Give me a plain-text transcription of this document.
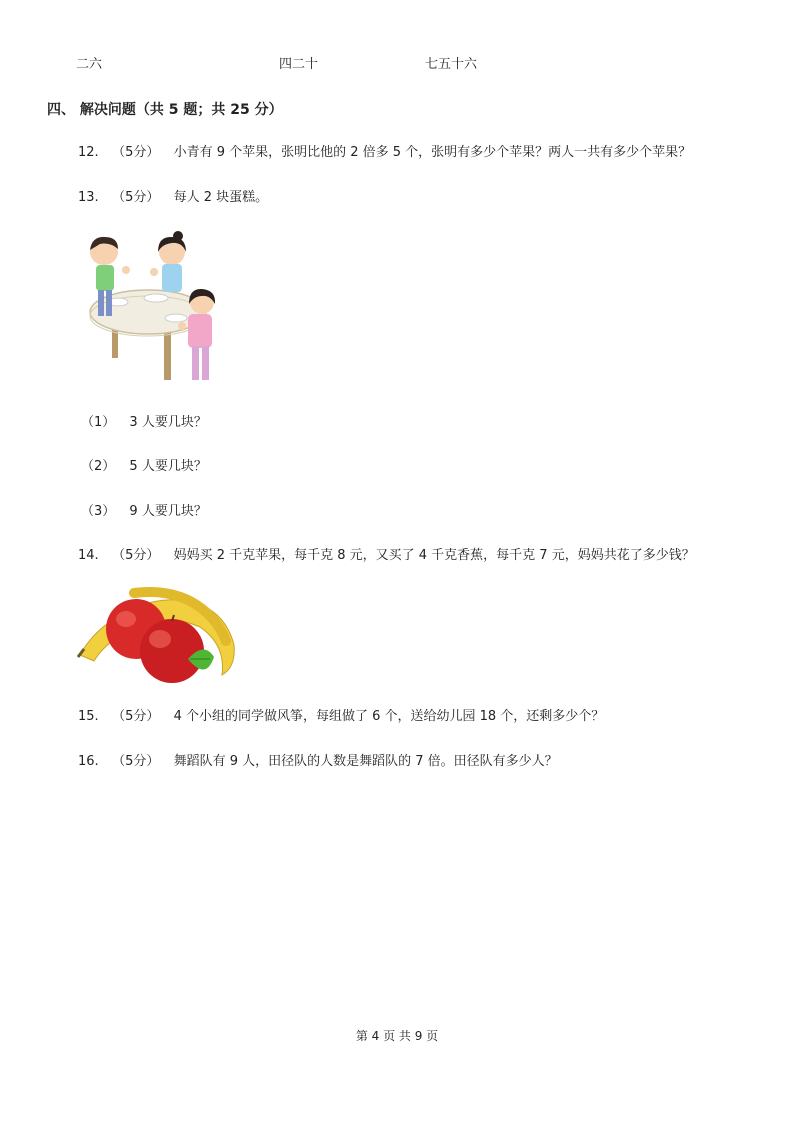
二六	四二十	七五十六
四、 解决问题（共 5 题；共 25 分）
12. （5分） 小青有 9 个苹果，张明比他的 2 倍多 5 个，张明有多少个苹果？两人一共有多少个苹果？
13. （5分） 每人 2 块蛋糕。
（1） 3 人要几块？
（2） 5 人要几块？
（3） 9 人要几块？
14. （5分） 妈妈买 2 千克苹果，每千克 8 元，又买了 4 千克香蕉，每千克 7 元，妈妈共花了多少钱？
15. （5分） 4 个小组的同学做风筝，每组做了 6 个，送给幼儿园 18 个，还剩多少个？
16. （5分） 舞蹈队有 9 人，田径队的人数是舞蹈队的 7 倍。田径队有多少人？
第 4 页 共 9 页
